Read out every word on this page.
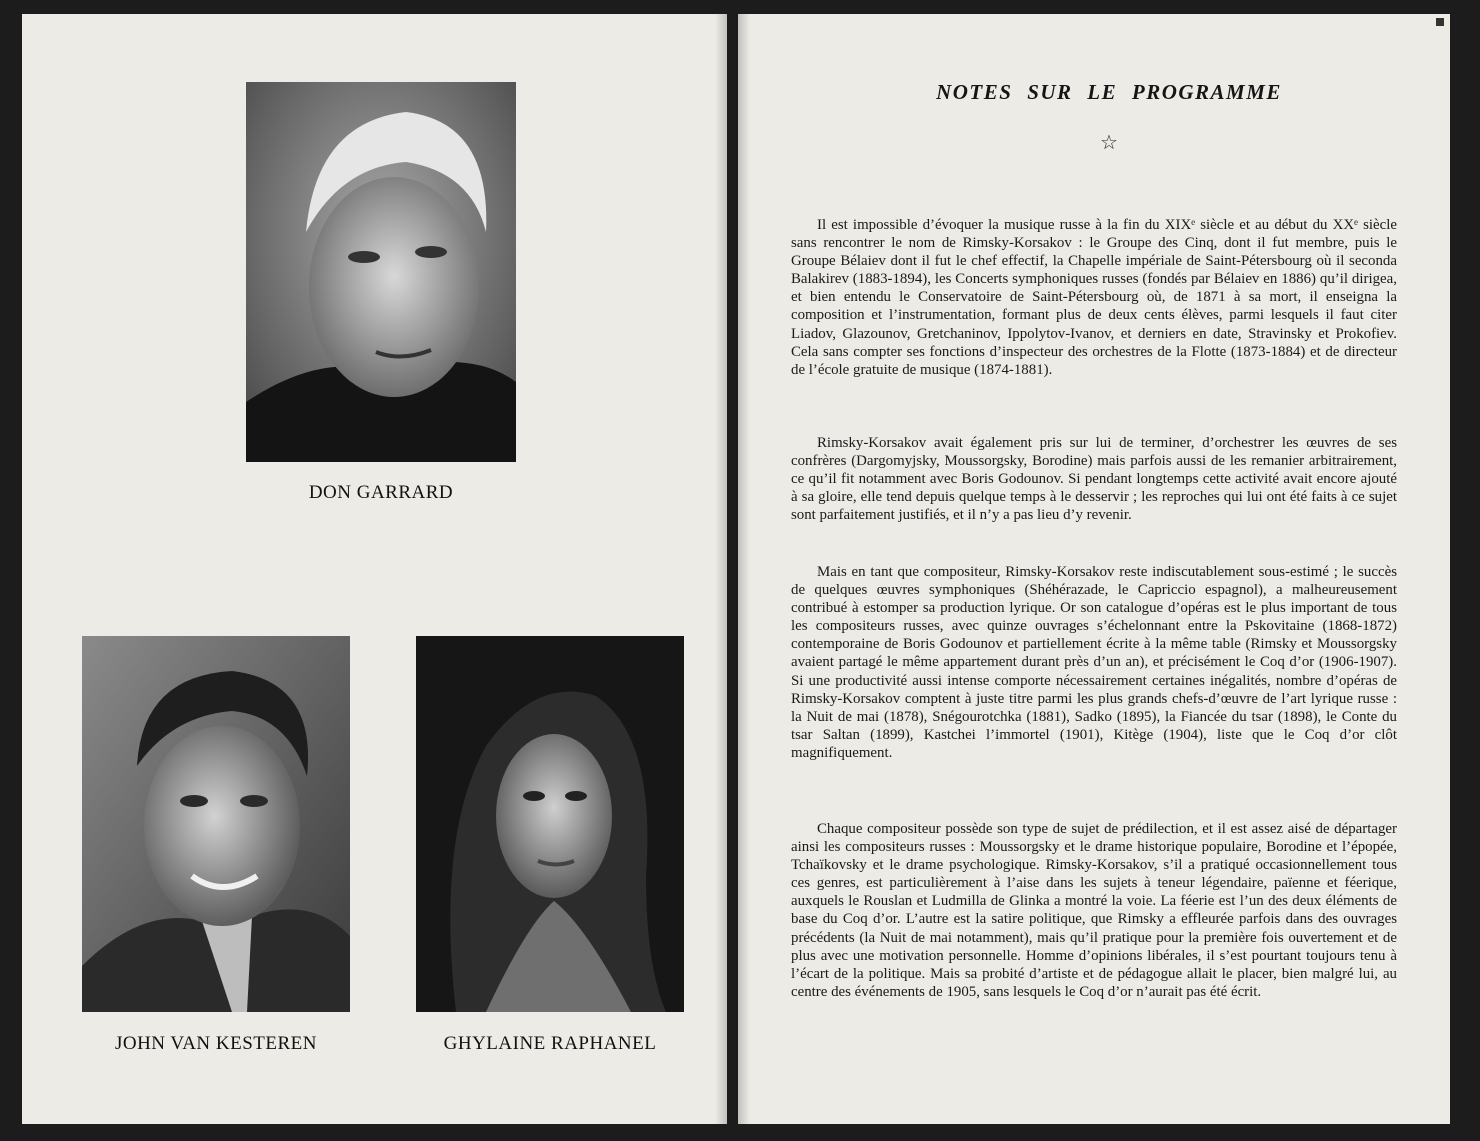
DON GARRARD
JOHN VAN KESTEREN	GHYLAINE RAPHANEL
NOTES SUR LE PROGRAMME
☆

Il est impossible d’évoquer la musique russe à la fin du XIXᵉ siècle et au début du XXᵉ siècle sans rencontrer le nom de Rimsky-Korsakov : le Groupe des Cinq, dont il fut membre, puis le Groupe Bélaiev dont il fut le chef effectif, la Chapelle impériale de Saint-Pétersbourg où il seconda Balakirev (1883-1894), les Concerts symphoniques russes (fondés par Bélaiev en 1886) qu’il dirigea, et bien entendu le Conservatoire de Saint-Pétersbourg où, de 1871 à sa mort, il enseigna la composition et l’instrumentation, formant plus de deux cents élèves, parmi lesquels il faut citer Liadov, Glazounov, Gretchaninov, Ippolytov-Ivanov, et derniers en date, Stravinsky et Prokofiev. Cela sans compter ses fonctions d’inspecteur des orchestres de la Flotte (1873-1884) et de directeur de l’école gratuite de musique (1874-1881).

Rimsky-Korsakov avait également pris sur lui de terminer, d’orchestrer les œuvres de ses confrères (Dargomyjsky, Moussorgsky, Borodine) mais parfois aussi de les remanier arbitrairement, ce qu’il fit notamment avec Boris Godounov. Si pendant longtemps cette activité avait encore ajouté à sa gloire, elle tend depuis quelque temps à le desservir ; les reproches qui lui ont été faits à ce sujet sont parfaitement justifiés, et il n’y a pas lieu d’y revenir.

Mais en tant que compositeur, Rimsky-Korsakov reste indiscutablement sous-estimé ; le succès de quelques œuvres symphoniques (Shéhérazade, le Capriccio espagnol), a malheureusement contribué à estomper sa production lyrique. Or son catalogue d’opéras est le plus important de tous les compositeurs russes, avec quinze ouvrages s’échelonnant entre la Pskovitaine (1868-1872) contemporaine de Boris Godounov et partiellement écrite à la même table (Rimsky et Moussorgsky avaient partagé le même appartement durant près d’un an), et précisément le Coq d’or (1906-1907). Si une productivité aussi intense comporte nécessairement certaines inégalités, nombre d’opéras de Rimsky-Korsakov comptent à juste titre parmi les plus grands chefs-d’œuvre de l’art lyrique russe : la Nuit de mai (1878), Snégourotchka (1881), Sadko (1895), la Fiancée du tsar (1898), le Conte du tsar Saltan (1899), Kastchei l’immortel (1901), Kitège (1904), liste que le Coq d’or clôt magnifiquement.

Chaque compositeur possède son type de sujet de prédilection, et il est assez aisé de départager ainsi les compositeurs russes : Moussorgsky et le drame historique populaire, Borodine et l’épopée, Tchaïkovsky et le drame psychologique. Rimsky-Korsakov, s’il a pratiqué occasionnellement tous ces genres, est particulièrement à l’aise dans les sujets à teneur légendaire, païenne et féerique, auxquels le Rouslan et Ludmilla de Glinka a montré la voie. La féerie est l’un des deux éléments de base du Coq d’or. L’autre est la satire politique, que Rimsky a effleurée parfois dans des ouvrages précédents (la Nuit de mai notamment), mais qu’il pratique pour la première fois ouvertement et de plus avec une motivation personnelle. Homme d’opinions libérales, il s’est pourtant toujours tenu à l’écart de la politique. Mais sa probité d’artiste et de pédagogue allait le placer, bien malgré lui, au centre des événements de 1905, sans lesquels le Coq d’or n’aurait pas été écrit.
